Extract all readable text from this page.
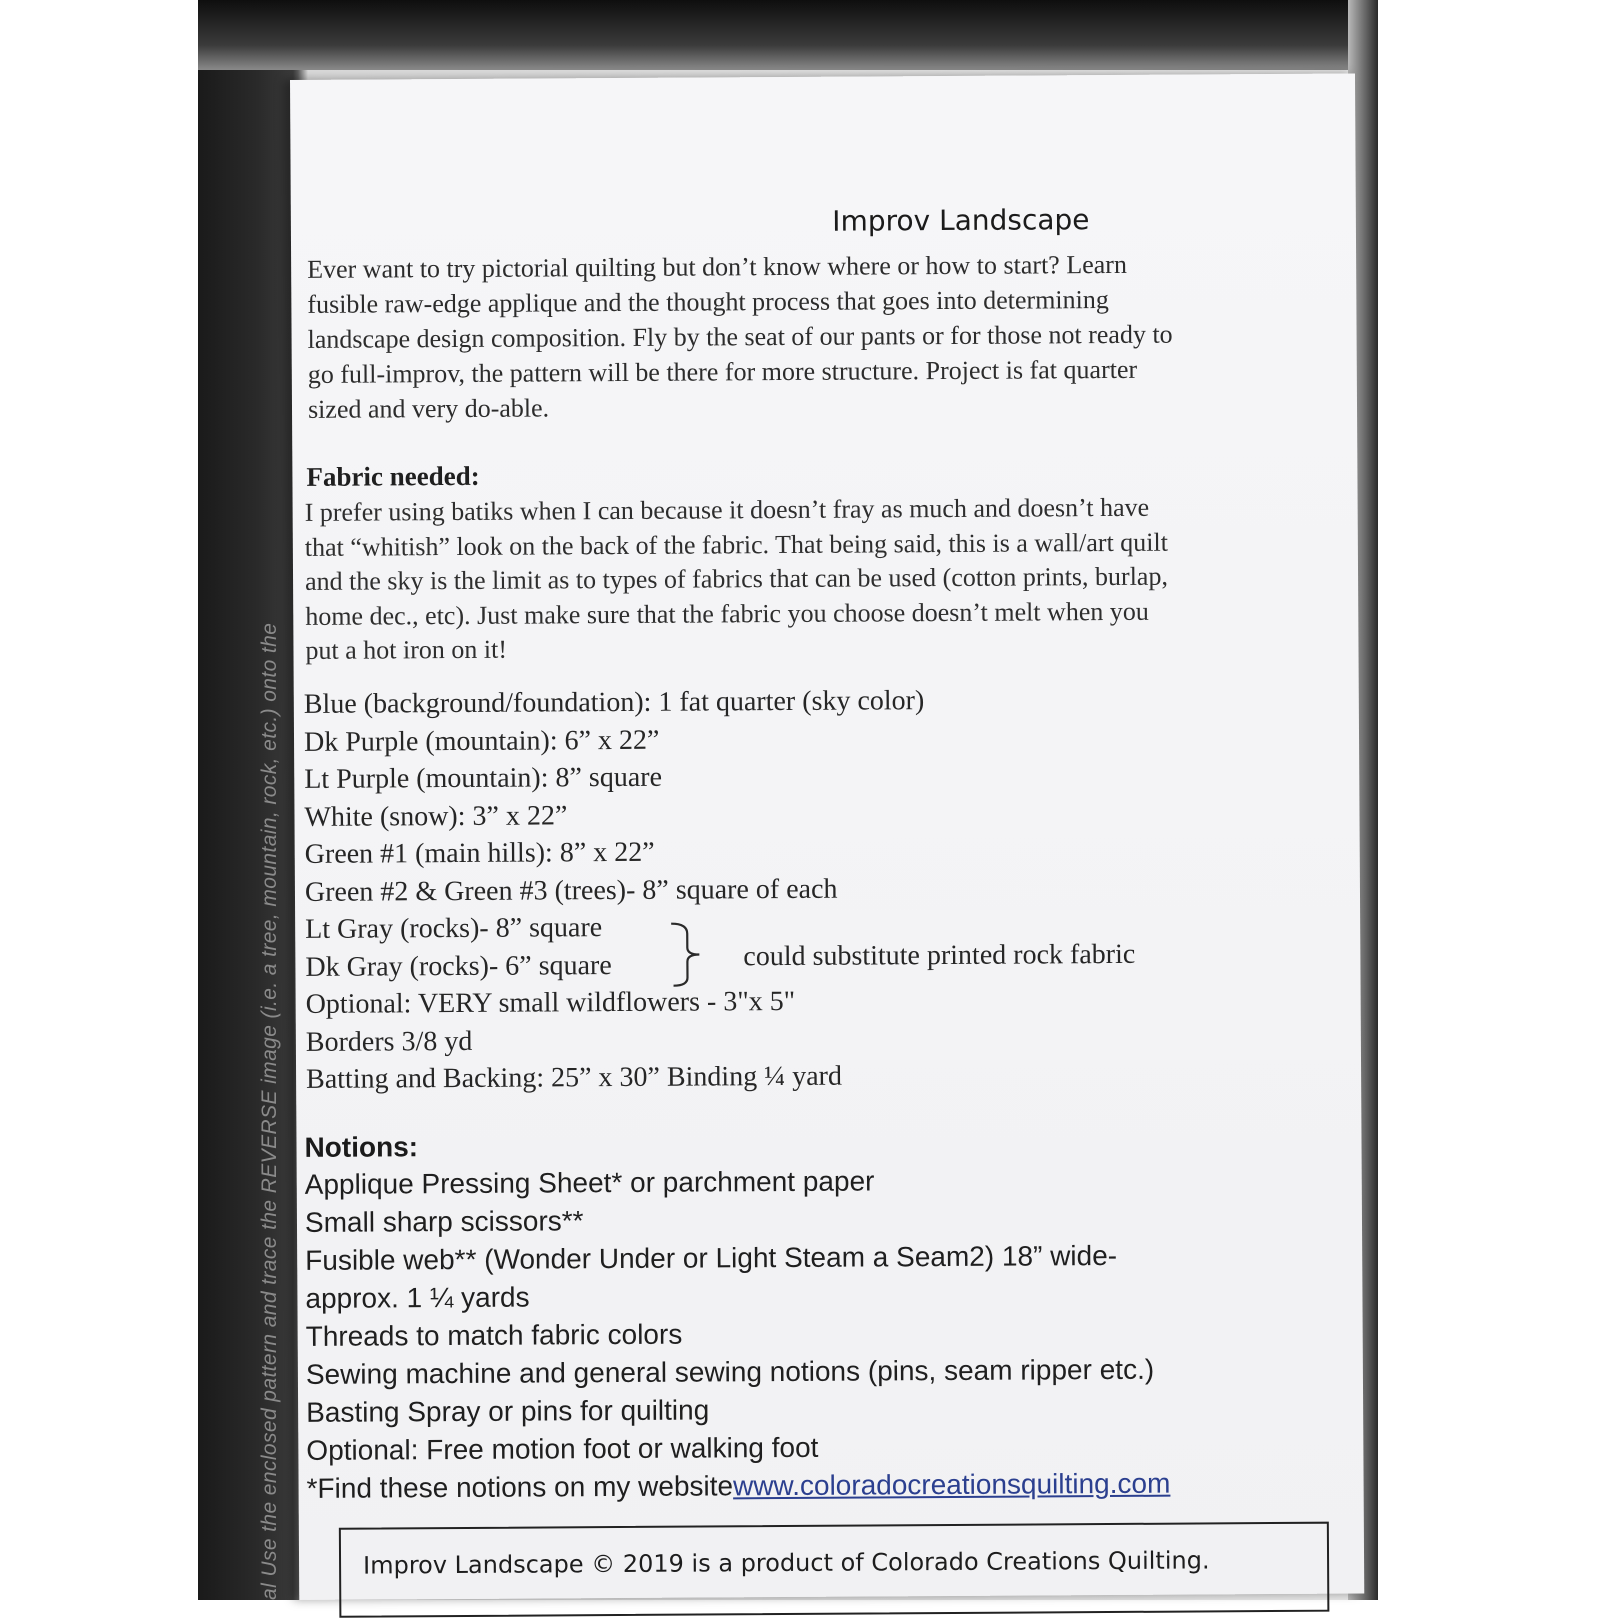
al Use the enclosed pattern and trace the REVERSE image (i.e. a tree, mountain, rock, etc.) onto the
Improv Landscape

Ever want to try pictorial quilting but don’t know where or how to start? Learn
fusible raw-edge applique and the thought process that goes into determining
landscape design composition. Fly by the seat of our pants or for those not ready to
go full-improv, the pattern will be there for more structure. Project is fat quarter
sized and very do-able.

Fabric needed:

I prefer using batiks when I can because it doesn’t fray as much and doesn’t have
that “whitish” look on the back of the fabric. That being said, this is a wall/art quilt
and the sky is the limit as to types of fabrics that can be used (cotton prints, burlap,
home dec., etc). Just make sure that the fabric you choose doesn’t melt when you
put a hot iron on it!

Blue (background/foundation): 1 fat quarter (sky color)
Dk Purple (mountain): 6” x 22”
Lt Purple (mountain): 8” square
White (snow): 3” x 22”
Green #1 (main hills): 8” x 22”
Green #2 & Green #3 (trees)- 8” square of each
Lt Gray (rocks)- 8” square
Dk Gray (rocks)- 6” square
Optional: VERY small wildflowers - 3"x 5"
Borders 3/8 yd
Batting and Backing: 25” x 30” Binding ¼ yard
could substitute printed rock fabric

Notions:

Applique Pressing Sheet* or parchment paper
Small sharp scissors**
Fusible web** (Wonder Under or Light Steam a Seam2) 18” wide-
approx. 1 ¼ yards
Threads to match fabric colors
Sewing machine and general sewing notions (pins, seam ripper etc.)
Basting Spray or pins for quilting
Optional: Free motion foot or walking foot
*Find these notions on my websitewww.coloradocreationsquilting.com
Improv Landscape © 2019 is a product of Colorado Creations Quilting.
